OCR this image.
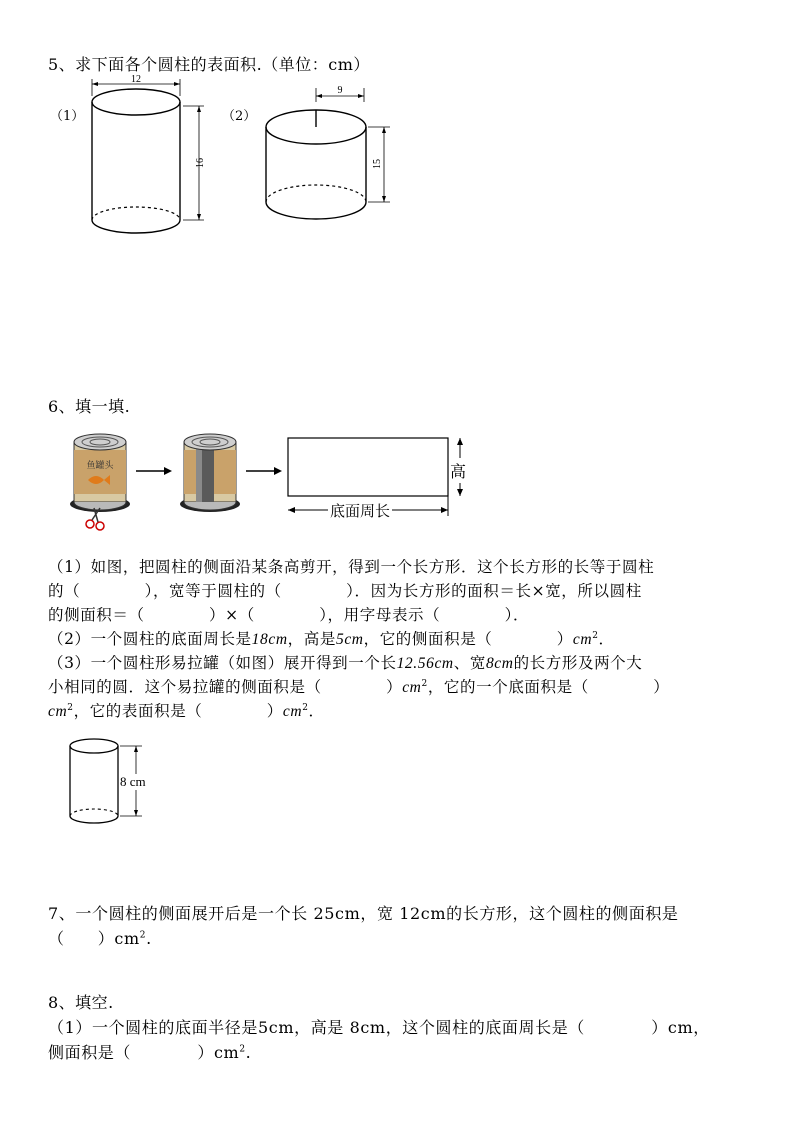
5、求下面各个圆柱的表面积.（单位：cm）
（1）
12
16
（2）
9
15
6、填一填.
鱼罐头	高
底面周长
（1）如图，把圆柱的侧面沿某条高剪开，得到一个长方形．这个长方形的长等于圆柱
的（　　　　），宽等于圆柱的（　　　　）．因为长方形的面积＝长×宽，所以圆柱
的侧面积＝（　　　　）×（　　　　），用字母表示（　　　　）．
（2）一个圆柱的底面周长是18cm，高是5cm，它的侧面积是（　　　　）$cm^2$．
（3）一个圆柱形易拉罐（如图）展开得到一个长12.56cm、宽8cm的长方形及两个大
小相同的圆．这个易拉罐的侧面积是（　　　　）$cm^2$，它的一个底面积是（　　　　）
$cm^2$，它的表面积是（　　　　）$cm^2$．
8 cm
7、一个圆柱的侧面展开后是一个长 25cm，宽 12cm的长方形，这个圆柱的侧面积是
（　　）$cm^2$.
8、填空.
（1）一个圆柱的底面半径是5cm，高是 8cm，这个圆柱的底面周长是（　　　　）cm，
侧面积是（　　　　）$cm^2$.
